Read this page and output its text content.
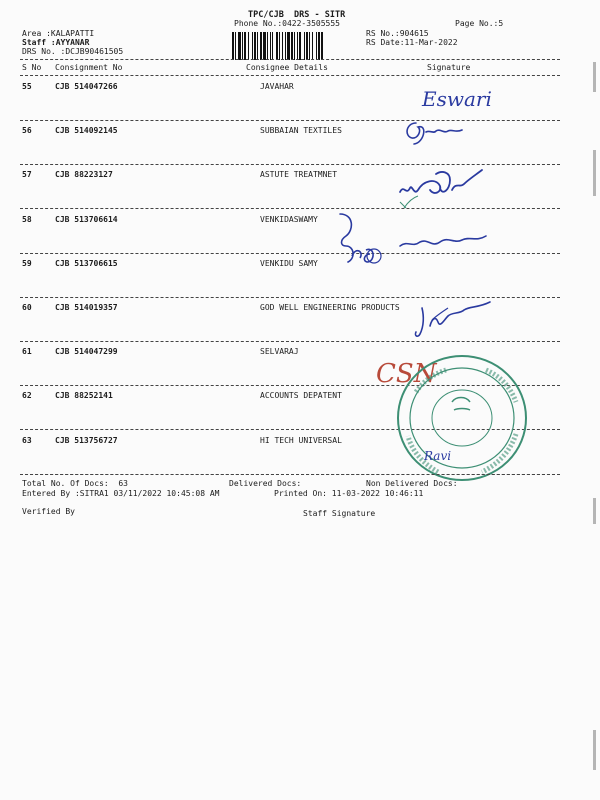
TPC/CJB  DRS - SITR
Phone No.:0422-3505555	Page No.:5
Area :KALAPATTI
Staff :AYYANAR
DRS No. :DCJB90461505
RS No.:904615
RS Date:11-Mar-2022
S No Consignment No	Consignee Details	Signature
55	CJB 514047266	JAVAHAR
56	CJB 514092145	SUBBAIAN TEXTILES
57	CJB 88223127	ASTUTE TREATMNET
58	CJB 513706614	VENKIDASWAMY
59	CJB 513706615	VENKIDU SAMY
60	CJB 514019357	GOD WELL ENGINEERING PRODUCTS
61	CJB 514047299	SELVARAJ
62	CJB 88252141	ACCOUNTS DEPATENT
63	CJB 513756727	HI TECH UNIVERSAL
Eswari
CSN
Ravi
Total No. Of Docs:  63	Delivered Docs:	Non Delivered Docs:
Entered By :SITRA1 03/11/2022 10:45:08 AM	Printed On: 11-03-2022 10:46:11
Verified By	Staff Signature
